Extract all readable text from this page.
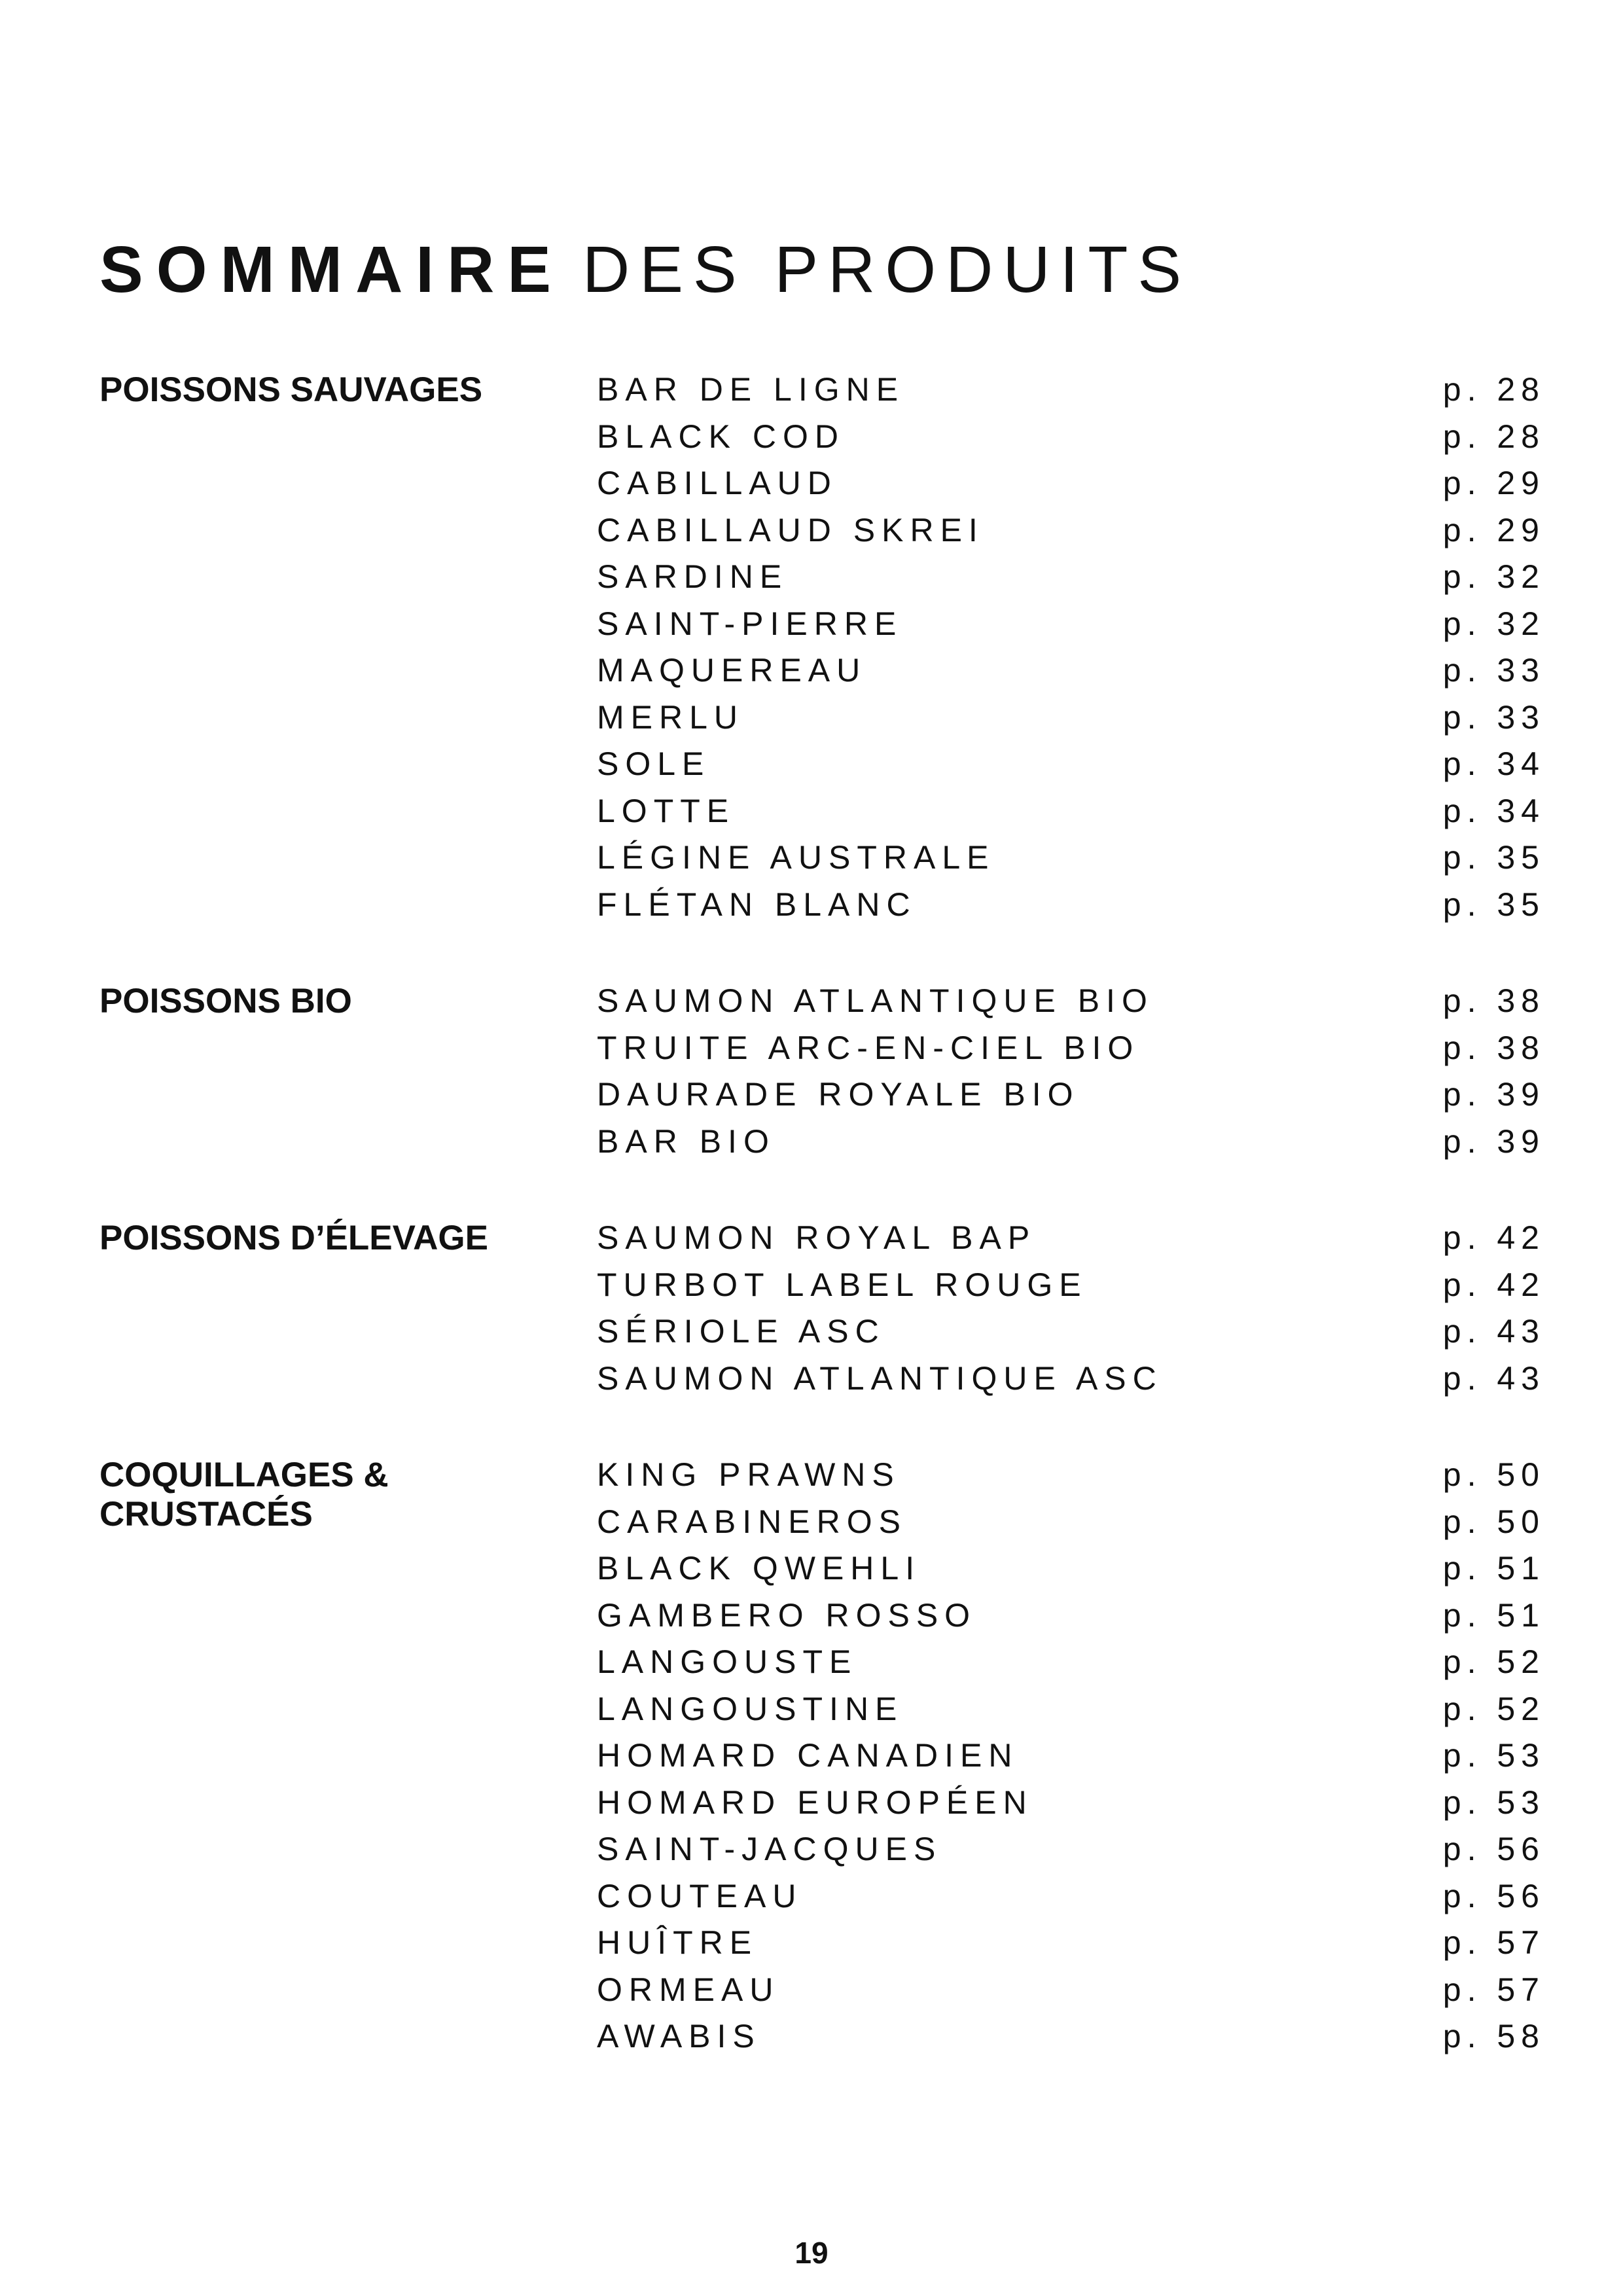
SOMMAIRE DES PRODUITS
POISSONS SAUVAGES	BAR DE LIGNE	p. 28
BLACK COD	p. 28
CABILLAUD	p. 29
CABILLAUD SKREI	p. 29
SARDINE	p. 32
SAINT-PIERRE	p. 32
MAQUEREAU	p. 33
MERLU	p. 33
SOLE	p. 34
LOTTE	p. 34
LÉGINE AUSTRALE	p. 35
FLÉTAN BLANC	p. 35
POISSONS BIO	SAUMON ATLANTIQUE BIO	p. 38
TRUITE ARC-EN-CIEL BIO	p. 38
DAURADE ROYALE BIO	p. 39
BAR BIO	p. 39
POISSONS D’ÉLEVAGE	SAUMON ROYAL BAP	p. 42
TURBOT LABEL ROUGE	p. 42
SÉRIOLE ASC	p. 43
SAUMON ATLANTIQUE ASC	p. 43
COQUILLAGES &
CRUSTACÉS
KING PRAWNS	p. 50
CARABINEROS	p. 50
BLACK QWEHLI	p. 51
GAMBERO ROSSO	p. 51
LANGOUSTE	p. 52
LANGOUSTINE	p. 52
HOMARD CANADIEN	p. 53
HOMARD EUROPÉEN	p. 53
SAINT-JACQUES	p. 56
COUTEAU	p. 56
HUÎTRE	p. 57
ORMEAU	p. 57
AWABIS	p. 58
19
